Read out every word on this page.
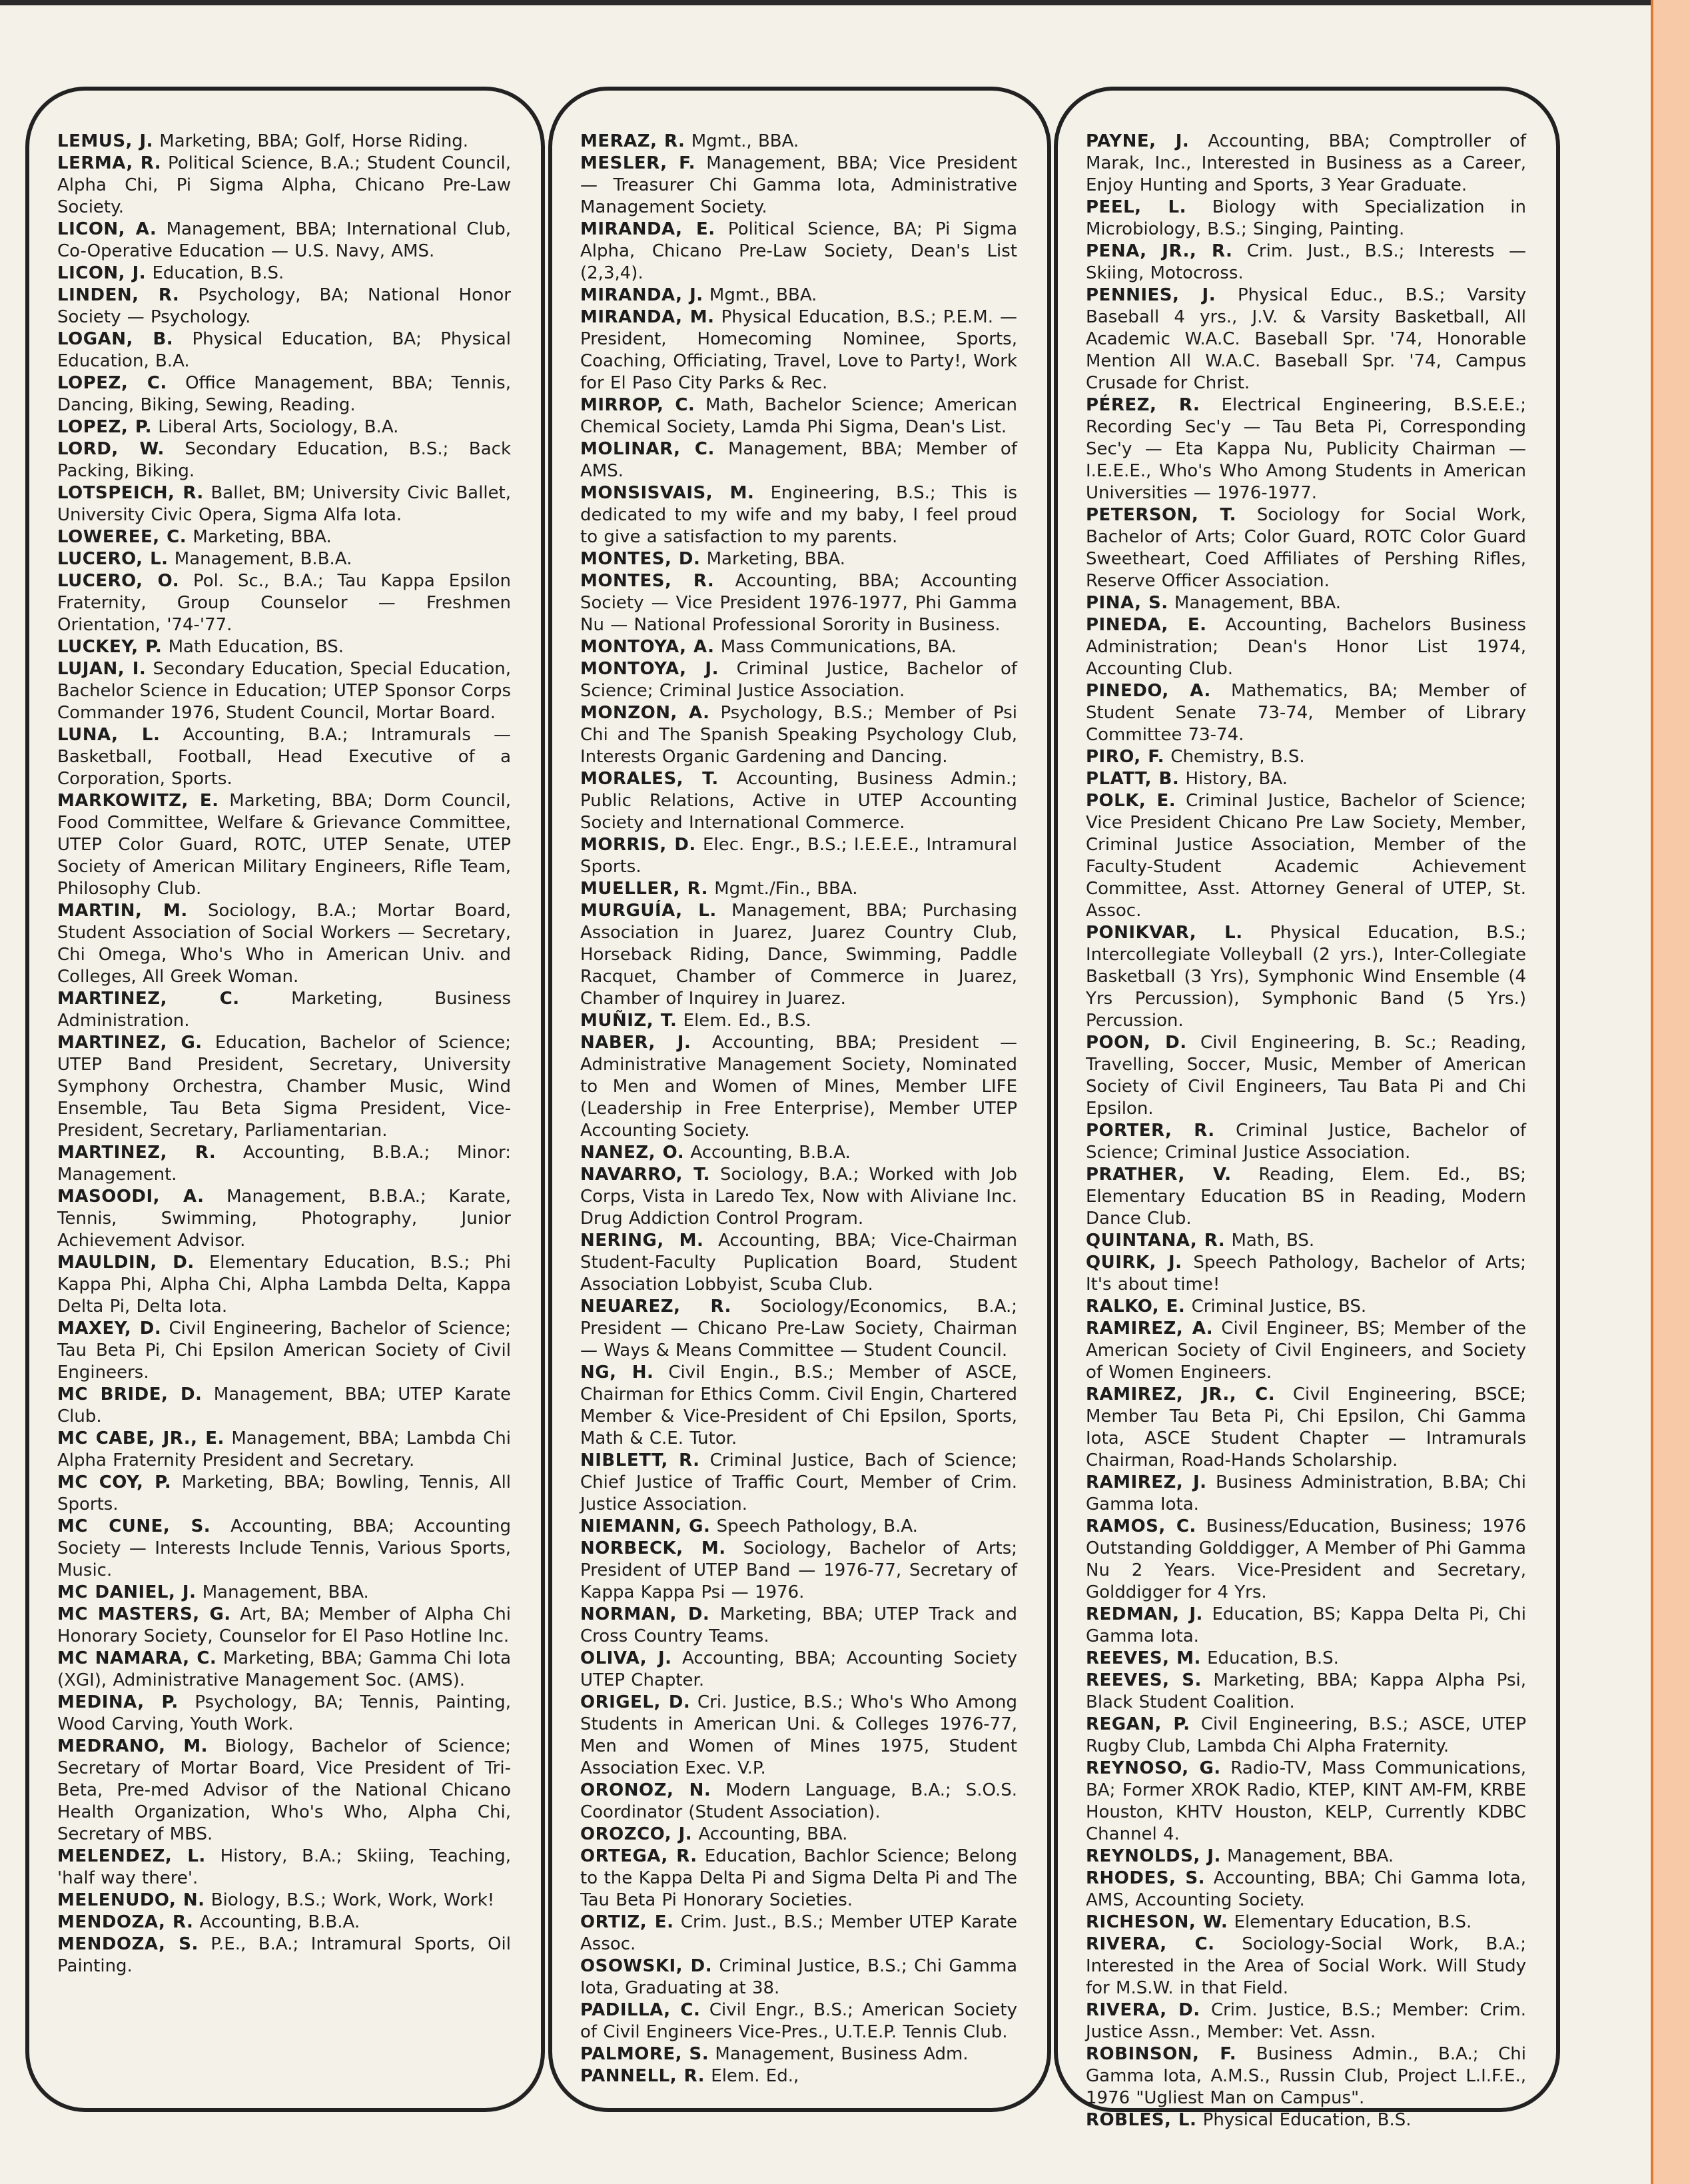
LEMUS, J. Marketing, BBA; Golf, Horse Riding.

LERMA, R. Political Science, B.A.; Student Council, Alpha Chi, Pi Sigma Alpha, Chicano Pre-Law Society.

LICON, A. Management, BBA; International Club, Co-Operative Education — U.S. Navy, AMS.

LICON, J. Education, B.S.

LINDEN, R. Psychology, BA; National Honor Society — Psychology.

LOGAN, B. Physical Education, BA; Physical Education, B.A.

LOPEZ, C. Office Management, BBA; Tennis, Dancing, Biking, Sewing, Reading.

LOPEZ, P. Liberal Arts, Sociology, B.A.

LORD, W. Secondary Education, B.S.; Back Packing, Biking.

LOTSPEICH, R. Ballet, BM; University Civic Ballet, University Civic Opera, Sigma Alfa Iota.

LOWEREE, C. Marketing, BBA.

LUCERO, L. Management, B.B.A.

LUCERO, O. Pol. Sc., B.A.; Tau Kappa Epsilon Fraternity, Group Counselor — Freshmen Orientation, '74-'77.

LUCKEY, P. Math Education, BS.

LUJAN, I. Secondary Education, Special Education, Bachelor Science in Education; UTEP Sponsor Corps Commander 1976, Student Council, Mortar Board.

LUNA, L. Accounting, B.A.; Intramurals — Basketball, Football, Head Executive of a Corporation, Sports.

MARKOWITZ, E. Marketing, BBA; Dorm Council, Food Committee, Welfare & Grievance Committee, UTEP Color Guard, ROTC, UTEP Senate, UTEP Society of American Military Engineers, Rifle Team, Philosophy Club.

MARTIN, M. Sociology, B.A.; Mortar Board, Student Association of Social Workers — Secretary, Chi Omega, Who's Who in American Univ. and Colleges, All Greek Woman.

MARTINEZ, C.	Marketing, Business Administration.

MARTINEZ, G. Education, Bachelor of Science; UTEP Band President, Secretary, University Symphony Orchestra, Chamber Music, Wind Ensemble, Tau Beta Sigma President, Vice-President, Secretary, Parliamentarian.

MARTINEZ, R. Accounting, B.B.A.; Minor: Management.

MASOODI, A. Management, B.B.A.; Karate, Tennis, Swimming, Photography, Junior Achievement Advisor.

MAULDIN, D. Elementary Education, B.S.; Phi Kappa Phi, Alpha Chi, Alpha Lambda Delta, Kappa Delta Pi, Delta Iota.

MAXEY, D. Civil Engineering, Bachelor of Science; Tau Beta Pi, Chi Epsilon American Society of Civil Engineers.

MC BRIDE, D. Management, BBA; UTEP Karate Club.

MC CABE, JR., E. Management, BBA; Lambda Chi Alpha Fraternity President and Secretary.

MC COY, P. Marketing, BBA; Bowling, Tennis, All Sports.

MC CUNE, S. Accounting, BBA; Accounting Society — Interests Include Tennis, Various Sports, Music.

MC DANIEL, J. Management, BBA.

MC MASTERS, G. Art, BA; Member of Alpha Chi Honorary Society, Counselor for El Paso Hotline Inc.

MC NAMARA, C. Marketing, BBA; Gamma Chi Iota (XGI), Administrative Management Soc. (AMS).

MEDINA, P. Psychology, BA; Tennis, Painting, Wood Carving, Youth Work.

MEDRANO, M. Biology, Bachelor of Science; Secretary of Mortar Board, Vice President of Tri-Beta, Pre-med Advisor of the National Chicano Health Organization, Who's Who, Alpha Chi, Secretary of MBS.

MELENDEZ, L. History, B.A.; Skiing, Teaching, 'half way there'.

MELENUDO, N. Biology, B.S.; Work, Work, Work!

MENDOZA, R. Accounting, B.B.A.

MENDOZA, S. P.E., B.A.; Intramural Sports, Oil Painting.

MERAZ, R. Mgmt., BBA.

MESLER, F. Management, BBA; Vice President — Treasurer Chi Gamma Iota, Administrative Management Society.

MIRANDA, E. Political Science, BA; Pi Sigma Alpha, Chicano Pre-Law Society, Dean's List (2,3,4).

MIRANDA, J. Mgmt., BBA.

MIRANDA, M. Physical Education, B.S.; P.E.M. — President, Homecoming Nominee, Sports, Coaching, Officiating, Travel, Love to Party!, Work for El Paso City Parks & Rec.

MIRROP, C. Math, Bachelor Science; American Chemical Society, Lamda Phi Sigma, Dean's List.

MOLINAR, C. Management, BBA; Member of AMS.

MONSISVAIS, M. Engineering, B.S.; This is dedicated to my wife and my baby, I feel proud to give a satisfaction to my parents.

MONTES, D. Marketing, BBA.

MONTES, R. Accounting, BBA; Accounting Society — Vice President 1976-1977, Phi Gamma Nu — National Professional Sorority in Business.

MONTOYA, A. Mass Communications, BA.

MONTOYA, J. Criminal Justice, Bachelor of Science; Criminal Justice Association.

MONZON, A. Psychology, B.S.; Member of Psi Chi and The Spanish Speaking Psychology Club, Interests Organic Gardening and Dancing.

MORALES, T. Accounting, Business Admin.; Public Relations, Active in UTEP Accounting Society and International Commerce.

MORRIS, D. Elec. Engr., B.S.; I.E.E.E., Intramural Sports.

MUELLER, R. Mgmt./Fin., BBA.

MURGUÍA, L. Management, BBA; Purchasing Association in Juarez, Juarez Country Club, Horseback Riding, Dance, Swimming, Paddle Racquet, Chamber of Commerce in Juarez, Chamber of Inquirey in Juarez.

MUÑIZ, T. Elem. Ed., B.S.

NABER, J. Accounting, BBA; President — Administrative Management Society, Nominated to Men and Women of Mines, Member LIFE (Leadership in Free Enterprise), Member UTEP Accounting Society.

NANEZ, O. Accounting, B.B.A.

NAVARRO, T. Sociology, B.A.; Worked with Job Corps, Vista in Laredo Tex, Now with Aliviane Inc. Drug Addiction Control Program.

NERING, M. Accounting, BBA; Vice-Chairman Student-Faculty Puplication Board, Student Association Lobbyist, Scuba Club.

NEUAREZ, R. Sociology/Economics, B.A.; President — Chicano Pre-Law Society, Chairman — Ways & Means Committee — Student Council.

NG, H. Civil Engin., B.S.; Member of ASCE, Chairman for Ethics Comm. Civil Engin, Chartered Member & Vice-President of Chi Epsilon, Sports, Math & C.E. Tutor.

NIBLETT, R. Criminal Justice, Bach of Science; Chief Justice of Traffic Court, Member of Crim. Justice Association.

NIEMANN, G. Speech Pathology, B.A.

NORBECK, M. Sociology, Bachelor of Arts; President of UTEP Band — 1976-77, Secretary of Kappa Kappa Psi — 1976.

NORMAN, D. Marketing, BBA; UTEP Track and Cross Country Teams.

OLIVA, J. Accounting, BBA; Accounting Society UTEP Chapter.

ORIGEL, D. Cri. Justice, B.S.; Who's Who Among Students in American Uni. & Colleges 1976-77, Men and Women of Mines 1975, Student Association Exec. V.P.

ORONOZ, N. Modern Language, B.A.; S.O.S. Coordinator (Student Association).

OROZCO, J. Accounting, BBA.

ORTEGA, R. Education, Bachlor Science; Belong to the Kappa Delta Pi and Sigma Delta Pi and The Tau Beta Pi Honorary Societies.

ORTIZ, E. Crim. Just., B.S.; Member UTEP Karate Assoc.

OSOWSKI, D. Criminal Justice, B.S.; Chi Gamma Iota, Graduating at 38.

PADILLA, C. Civil Engr., B.S.; American Society of Civil Engineers Vice-Pres., U.T.E.P. Tennis Club.

PALMORE, S. Management, Business Adm.

PANNELL, R. Elem. Ed.,

PAYNE, J. Accounting, BBA; Comptroller of Marak, Inc., Interested in Business as a Career, Enjoy Hunting and Sports, 3 Year Graduate.

PEEL, L. Biology with Specialization in Microbiology, B.S.; Singing, Painting.

PENA, JR., R. Crim. Just., B.S.; Interests — Skiing, Motocross.

PENNIES, J. Physical Educ., B.S.; Varsity Baseball 4 yrs., J.V. & Varsity Basketball, All Academic W.A.C. Baseball Spr. '74, Honorable Mention All W.A.C. Baseball Spr. '74, Campus Crusade for Christ.

PÉREZ, R. Electrical Engineering, B.S.E.E.; Recording Sec'y — Tau Beta Pi, Corresponding Sec'y — Eta Kappa Nu, Publicity Chairman — I.E.E.E., Who's Who Among Students in American Universities — 1976-1977.

PETERSON, T. Sociology for Social Work, Bachelor of Arts; Color Guard, ROTC Color Guard Sweetheart, Coed Affiliates of Pershing Rifles, Reserve Officer Association.

PINA, S. Management, BBA.

PINEDA, E. Accounting, Bachelors Business Administration; Dean's Honor List 1974, Accounting Club.

PINEDO, A. Mathematics, BA; Member of Student Senate 73-74, Member of Library Committee 73-74.

PIRO, F. Chemistry, B.S.

PLATT, B. History, BA.

POLK, E. Criminal Justice, Bachelor of Science; Vice President Chicano Pre Law Society, Member, Criminal Justice Association, Member of the Faculty-Student Academic Achievement Committee, Asst. Attorney General of UTEP, St. Assoc.

PONIKVAR, L. Physical Education, B.S.; Intercollegiate Volleyball (2 yrs.), Inter-Collegiate Basketball (3 Yrs), Symphonic Wind Ensemble (4 Yrs Percussion), Symphonic Band (5 Yrs.) Percussion.

POON, D. Civil Engineering, B. Sc.; Reading, Travelling, Soccer, Music, Member of American Society of Civil Engineers, Tau Bata Pi and Chi Epsilon.

PORTER, R. Criminal Justice, Bachelor of Science; Criminal Justice Association.

PRATHER, V. Reading, Elem. Ed., BS; Elementary Education BS in Reading, Modern Dance Club.

QUINTANA, R. Math, BS.

QUIRK, J. Speech Pathology, Bachelor of Arts; It's about time!

RALKO, E. Criminal Justice, BS.

RAMIREZ, A. Civil Engineer, BS; Member of the American Society of Civil Engineers, and Society of Women Engineers.

RAMIREZ, JR., C. Civil Engineering, BSCE; Member Tau Beta Pi, Chi Epsilon, Chi Gamma Iota, ASCE Student Chapter — Intramurals Chairman, Road-Hands Scholarship.

RAMIREZ, J. Business Administration, B.BA; Chi Gamma Iota.

RAMOS, C. Business/Education, Business; 1976 Outstanding Golddigger, A Member of Phi Gamma Nu 2 Years. Vice-President and Secretary, Golddigger for 4 Yrs.

REDMAN, J. Education, BS; Kappa Delta Pi, Chi Gamma Iota.

REEVES, M. Education, B.S.

REEVES, S. Marketing, BBA; Kappa Alpha Psi, Black Student Coalition.

REGAN, P. Civil Engineering, B.S.; ASCE, UTEP Rugby Club, Lambda Chi Alpha Fraternity.

REYNOSO, G. Radio-TV, Mass Communications, BA; Former XROK Radio, KTEP, KINT AM-FM, KRBE Houston, KHTV Houston, KELP, Currently KDBC Channel 4.

REYNOLDS, J. Management, BBA.

RHODES, S. Accounting, BBA; Chi Gamma Iota, AMS, Accounting Society.

RICHESON, W. Elementary Education, B.S.

RIVERA, C. Sociology-Social Work, B.A.; Interested in the Area of Social Work. Will Study for M.S.W. in that Field.

RIVERA, D. Crim. Justice, B.S.; Member: Crim. Justice Assn., Member: Vet. Assn.

ROBINSON, F. Business Admin., B.A.; Chi Gamma Iota, A.M.S., Russin Club, Project L.I.F.E., 1976 "Ugliest Man on Campus".

ROBLES, L. Physical Education, B.S.
